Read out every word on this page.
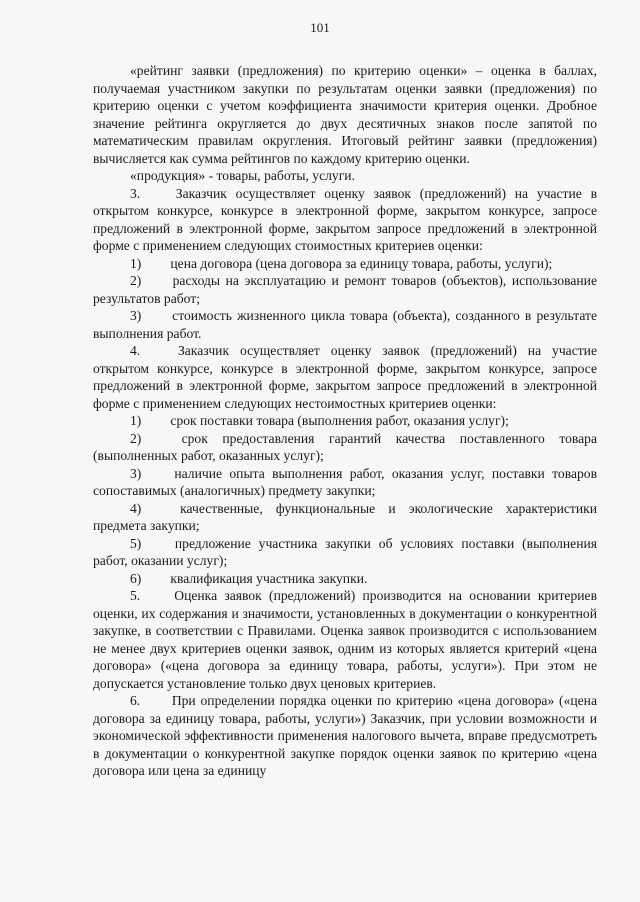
101

«рейтинг заявки (предложения) по критерию оценки» – оценка в баллах, получаемая участником закупки по результатам оценки заявки (предложения) по критерию оценки с учетом коэффициента значимости критерия оценки. Дробное значение рейтинга округляется до двух десятичных знаков после запятой по математическим правилам округления. Итоговый рейтинг заявки (предложения) вычисляется как сумма рейтингов по каждому критерию оценки.

«продукция» - товары, работы, услуги.

3.	Заказчик осуществляет оценку заявок (предложений) на участие в открытом конкурсе, конкурсе в электронной форме, закрытом конкурсе, запросе предложений в электронной форме, закрытом запросе предложений в электронной форме с применением следующих стоимостных критериев оценки:

1) цена договора (цена договора за единицу товара, работы, услуги);

2) расходы на эксплуатацию и ремонт товаров (объектов), использование результатов работ;

3) стоимость жизненного цикла товара (объекта), созданного в результате выполнения работ.

4.	Заказчик осуществляет оценку заявок (предложений) на участие открытом конкурсе, конкурсе в электронной форме, закрытом конкурсе, запросе предложений в электронной форме, закрытом запросе предложений в электронной форме с применением следующих нестоимостных критериев оценки:

1) срок поставки товара (выполнения работ, оказания услуг);

2)	срок предоставления гарантий качества поставленного товара (выполненных работ, оказанных услуг);

3) наличие опыта выполнения работ, оказания услуг, поставки товаров сопоставимых (аналогичных) предмету закупки;

4)	качественные, функциональные и экологические характеристики предмета закупки;

5) предложение участника закупки об условиях поставки (выполнения работ, оказании услуг);

6) квалификация участника закупки.

5.	Оценка заявок (предложений) производится на основании критериев оценки, их содержания и значимости, установленных в документации о конкурентной закупке, в соответствии с Правилами. Оценка заявок производится с использованием не менее двух критериев оценки заявок, одним из которых является критерий «цена договора» («цена договора за единицу товара, работы, услуги»). При этом не допускается установление только двух ценовых критериев.

6. При определении порядка оценки по критерию «цена договора» («цена договора за единицу товара, работы, услуги») Заказчик, при условии возможности и экономической эффективности применения налогового вычета, вправе предусмотреть в документации о конкурентной закупке порядок оценки заявок по критерию «цена договора или цена за единицу
